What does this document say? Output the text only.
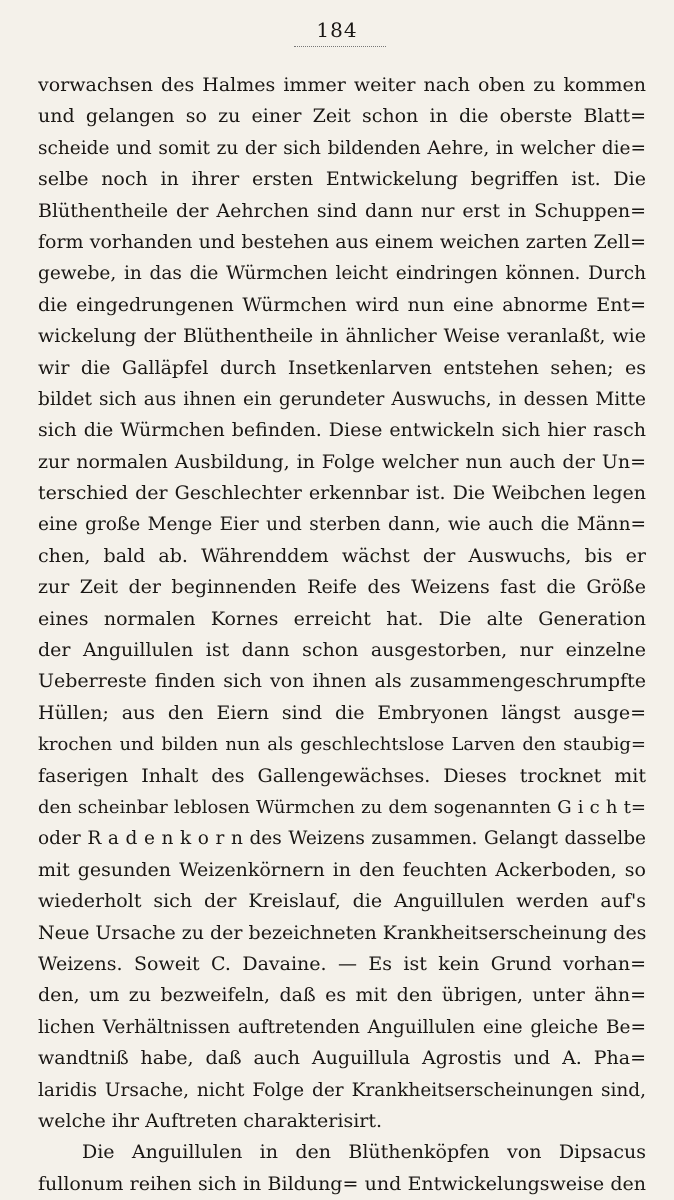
184
vorwachsen des Halmes immer weiter nach oben zu kommen
und gelangen so zu einer Zeit schon in die oberste Blatt=
scheide und somit zu der sich bildenden Aehre, in welcher die=
selbe noch in ihrer ersten Entwickelung begriffen ist. Die
Blüthentheile der Aehrchen sind dann nur erst in Schuppen=
form vorhanden und bestehen aus einem weichen zarten Zell=
gewebe, in das die Würmchen leicht eindringen können. Durch
die eingedrungenen Würmchen wird nun eine abnorme Ent=
wickelung der Blüthentheile in ähnlicher Weise veranlaßt, wie
wir die Galläpfel durch Insetkenlarven entstehen sehen; es
bildet sich aus ihnen ein gerundeter Auswuchs, in dessen Mitte
sich die Würmchen befinden. Diese entwickeln sich hier rasch
zur normalen Ausbildung, in Folge welcher nun auch der Un=
terschied der Geschlechter erkennbar ist. Die Weibchen legen
eine große Menge Eier und sterben dann, wie auch die Männ=
chen, bald ab. Währenddem wächst der Auswuchs, bis er
zur Zeit der beginnenden Reife des Weizens fast die Größe
eines normalen Kornes erreicht hat. Die alte Generation
der Anguillulen ist dann schon ausgestorben, nur einzelne
Ueberreste finden sich von ihnen als zusammengeschrumpfte
Hüllen; aus den Eiern sind die Embryonen längst ausge=
krochen und bilden nun als geschlechtslose Larven den staubig=
faserigen Inhalt des Gallengewächses. Dieses trocknet mit
den scheinbar leblosen Würmchen zu dem sogenannten G i c h t=
oder R a d e n k o r n des Weizens zusammen. Gelangt dasselbe
mit gesunden Weizenkörnern in den feuchten Ackerboden, so
wiederholt sich der Kreislauf, die Anguillulen werden auf's
Neue Ursache zu der bezeichneten Krankheitserscheinung des
Weizens. Soweit C. Davaine. — Es ist kein Grund vorhan=
den, um zu bezweifeln, daß es mit den übrigen, unter ähn=
lichen Verhältnissen auftretenden Anguillulen eine gleiche Be=
wandtniß habe, daß auch Auguillula Agrostis und A. Pha=
laridis Ursache, nicht Folge der Krankheitserscheinungen sind,
welche ihr Auftreten charakterisirt.
Die Anguillulen in den Blüthenköpfen von Dipsacus
fullonum reihen sich in Bildung= und Entwickelungsweise den
